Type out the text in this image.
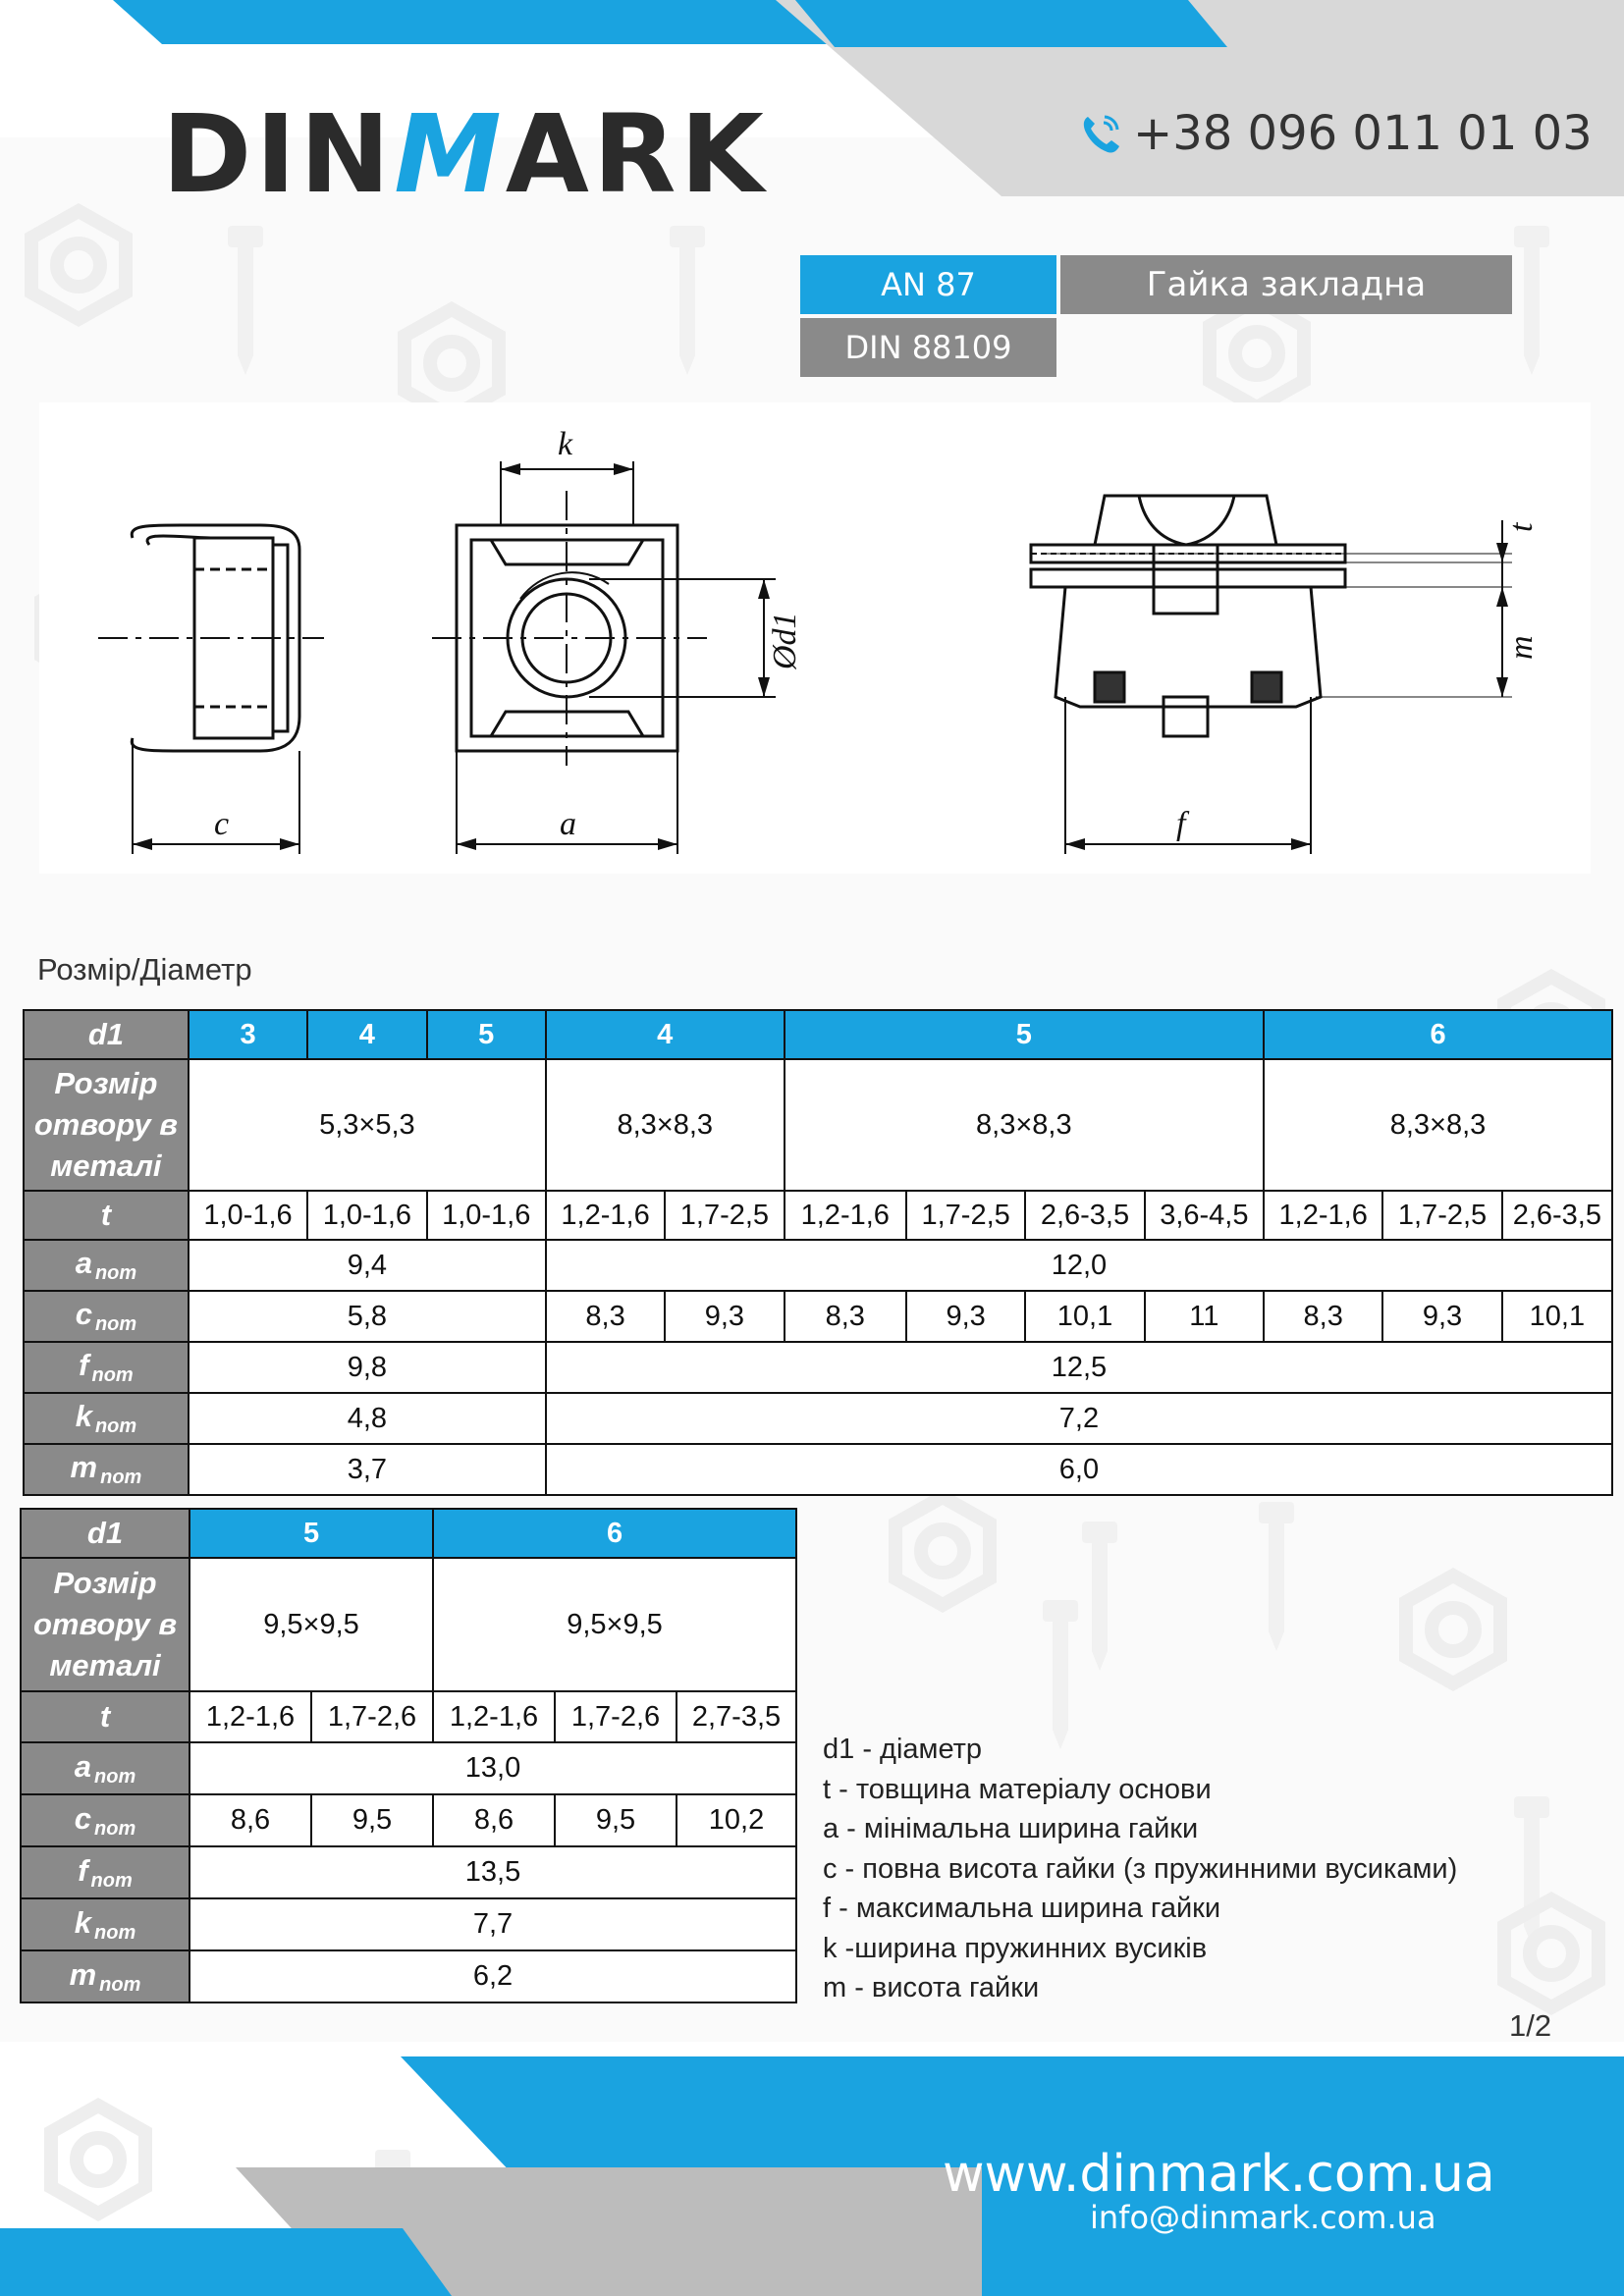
DIN M ARK	+38 096 011 01 03
AN 87
DIN 88109
Гайка закладна
c
k
a	f
Ød1
t
m
Розмір/Діаметр
d1	3	4	5	4		5				6		
Розмір отвору в металі	5,3×5,3			8,3×8,3		8,3×8,3				8,3×8,3		
t	1,0-1,6	1,0-1,6	1,0-1,6	1,2-1,6	1,7-2,5	1,2-1,6	1,7-2,5	2,6-3,5	3,6-4,5	1,2-1,6	1,7-2,5	2,6-3,5
a $_{nom}$	9,4			12,0								
c $_{nom}$	5,8			8,3	9,3	8,3	9,3	10,1	11	8,3	9,3	10,1
f $_{nom}$	9,8			12,5								
k $_{nom}$	4,8			7,2								
m $_{nom}$	3,7			6,0								
d1	5		6		
Розмір отвору в металі	9,5×9,5		9,5×9,5		
t	1,2-1,6	1,7-2,6	1,2-1,6	1,7-2,6	2,7-3,5
a $_{nom}$	13,0				
c $_{nom}$	8,6	9,5	8,6	9,5	10,2
f $_{nom}$	13,5				
k $_{nom}$	7,7				
m $_{nom}$	6,2				
d1 - діаметр
t - товщина матеріалу основи
a - мінімальна ширина гайки
c - повна висота гайки (з пружинними вусиками)
f - максимальна ширина гайки
k -ширина пружинних вусиків
m - висота гайки
1/2
www.dinmark.com.ua
info@dinmark.com.ua
